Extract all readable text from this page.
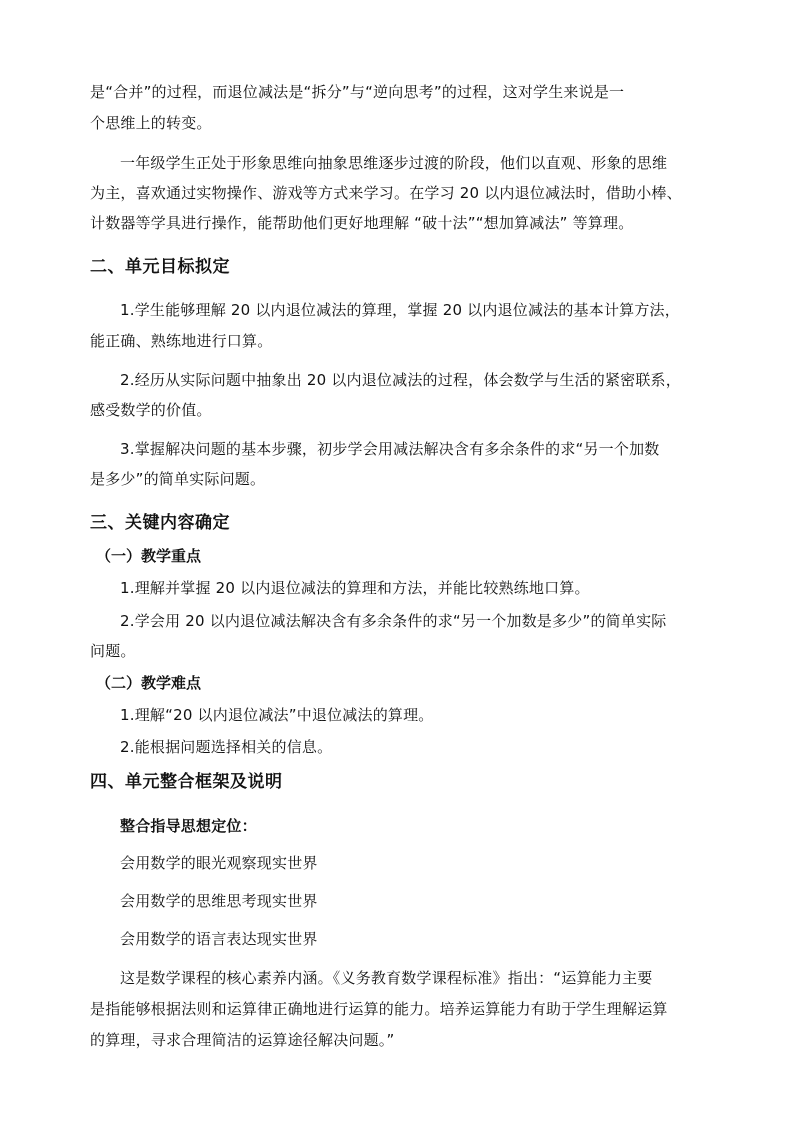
是“合并”的过程，而退位减法是“拆分”与“逆向思考”的过程，这对学生来说是一
个思维上的转变。
一年级学生正处于形象思维向抽象思维逐步过渡的阶段，他们以直观、形象的思维
为主，喜欢通过实物操作、游戏等方式来学习。在学习 20 以内退位减法时，借助小棒、
计数器等学具进行操作，能帮助他们更好地理解 “破十法”“想加算减法” 等算理。
二、单元目标拟定
1.学生能够理解 20 以内退位减法的算理，掌握 20 以内退位减法的基本计算方法，
能正确、熟练地进行口算。
2.经历从实际问题中抽象出 20 以内退位减法的过程，体会数学与生活的紧密联系，
感受数学的价值。
3.掌握解决问题的基本步骤，初步学会用减法解决含有多余条件的求“另一个加数
是多少”的简单实际问题。
三、关键内容确定
（一）教学重点
1.理解并掌握 20 以内退位减法的算理和方法，并能比较熟练地口算。
2.学会用 20 以内退位减法解决含有多余条件的求“另一个加数是多少”的简单实际
问题。
（二）教学难点
1.理解“20 以内退位减法”中退位减法的算理。
2.能根据问题选择相关的信息。
四、单元整合框架及说明
整合指导思想定位：
会用数学的眼光观察现实世界
会用数学的思维思考现实世界
会用数学的语言表达现实世界
这是数学课程的核心素养内涵。《义务教育数学课程标准》指出：“运算能力主要
是指能够根据法则和运算律正确地进行运算的能力。培养运算能力有助于学生理解运算
的算理，寻求合理简洁的运算途径解决问题。”
